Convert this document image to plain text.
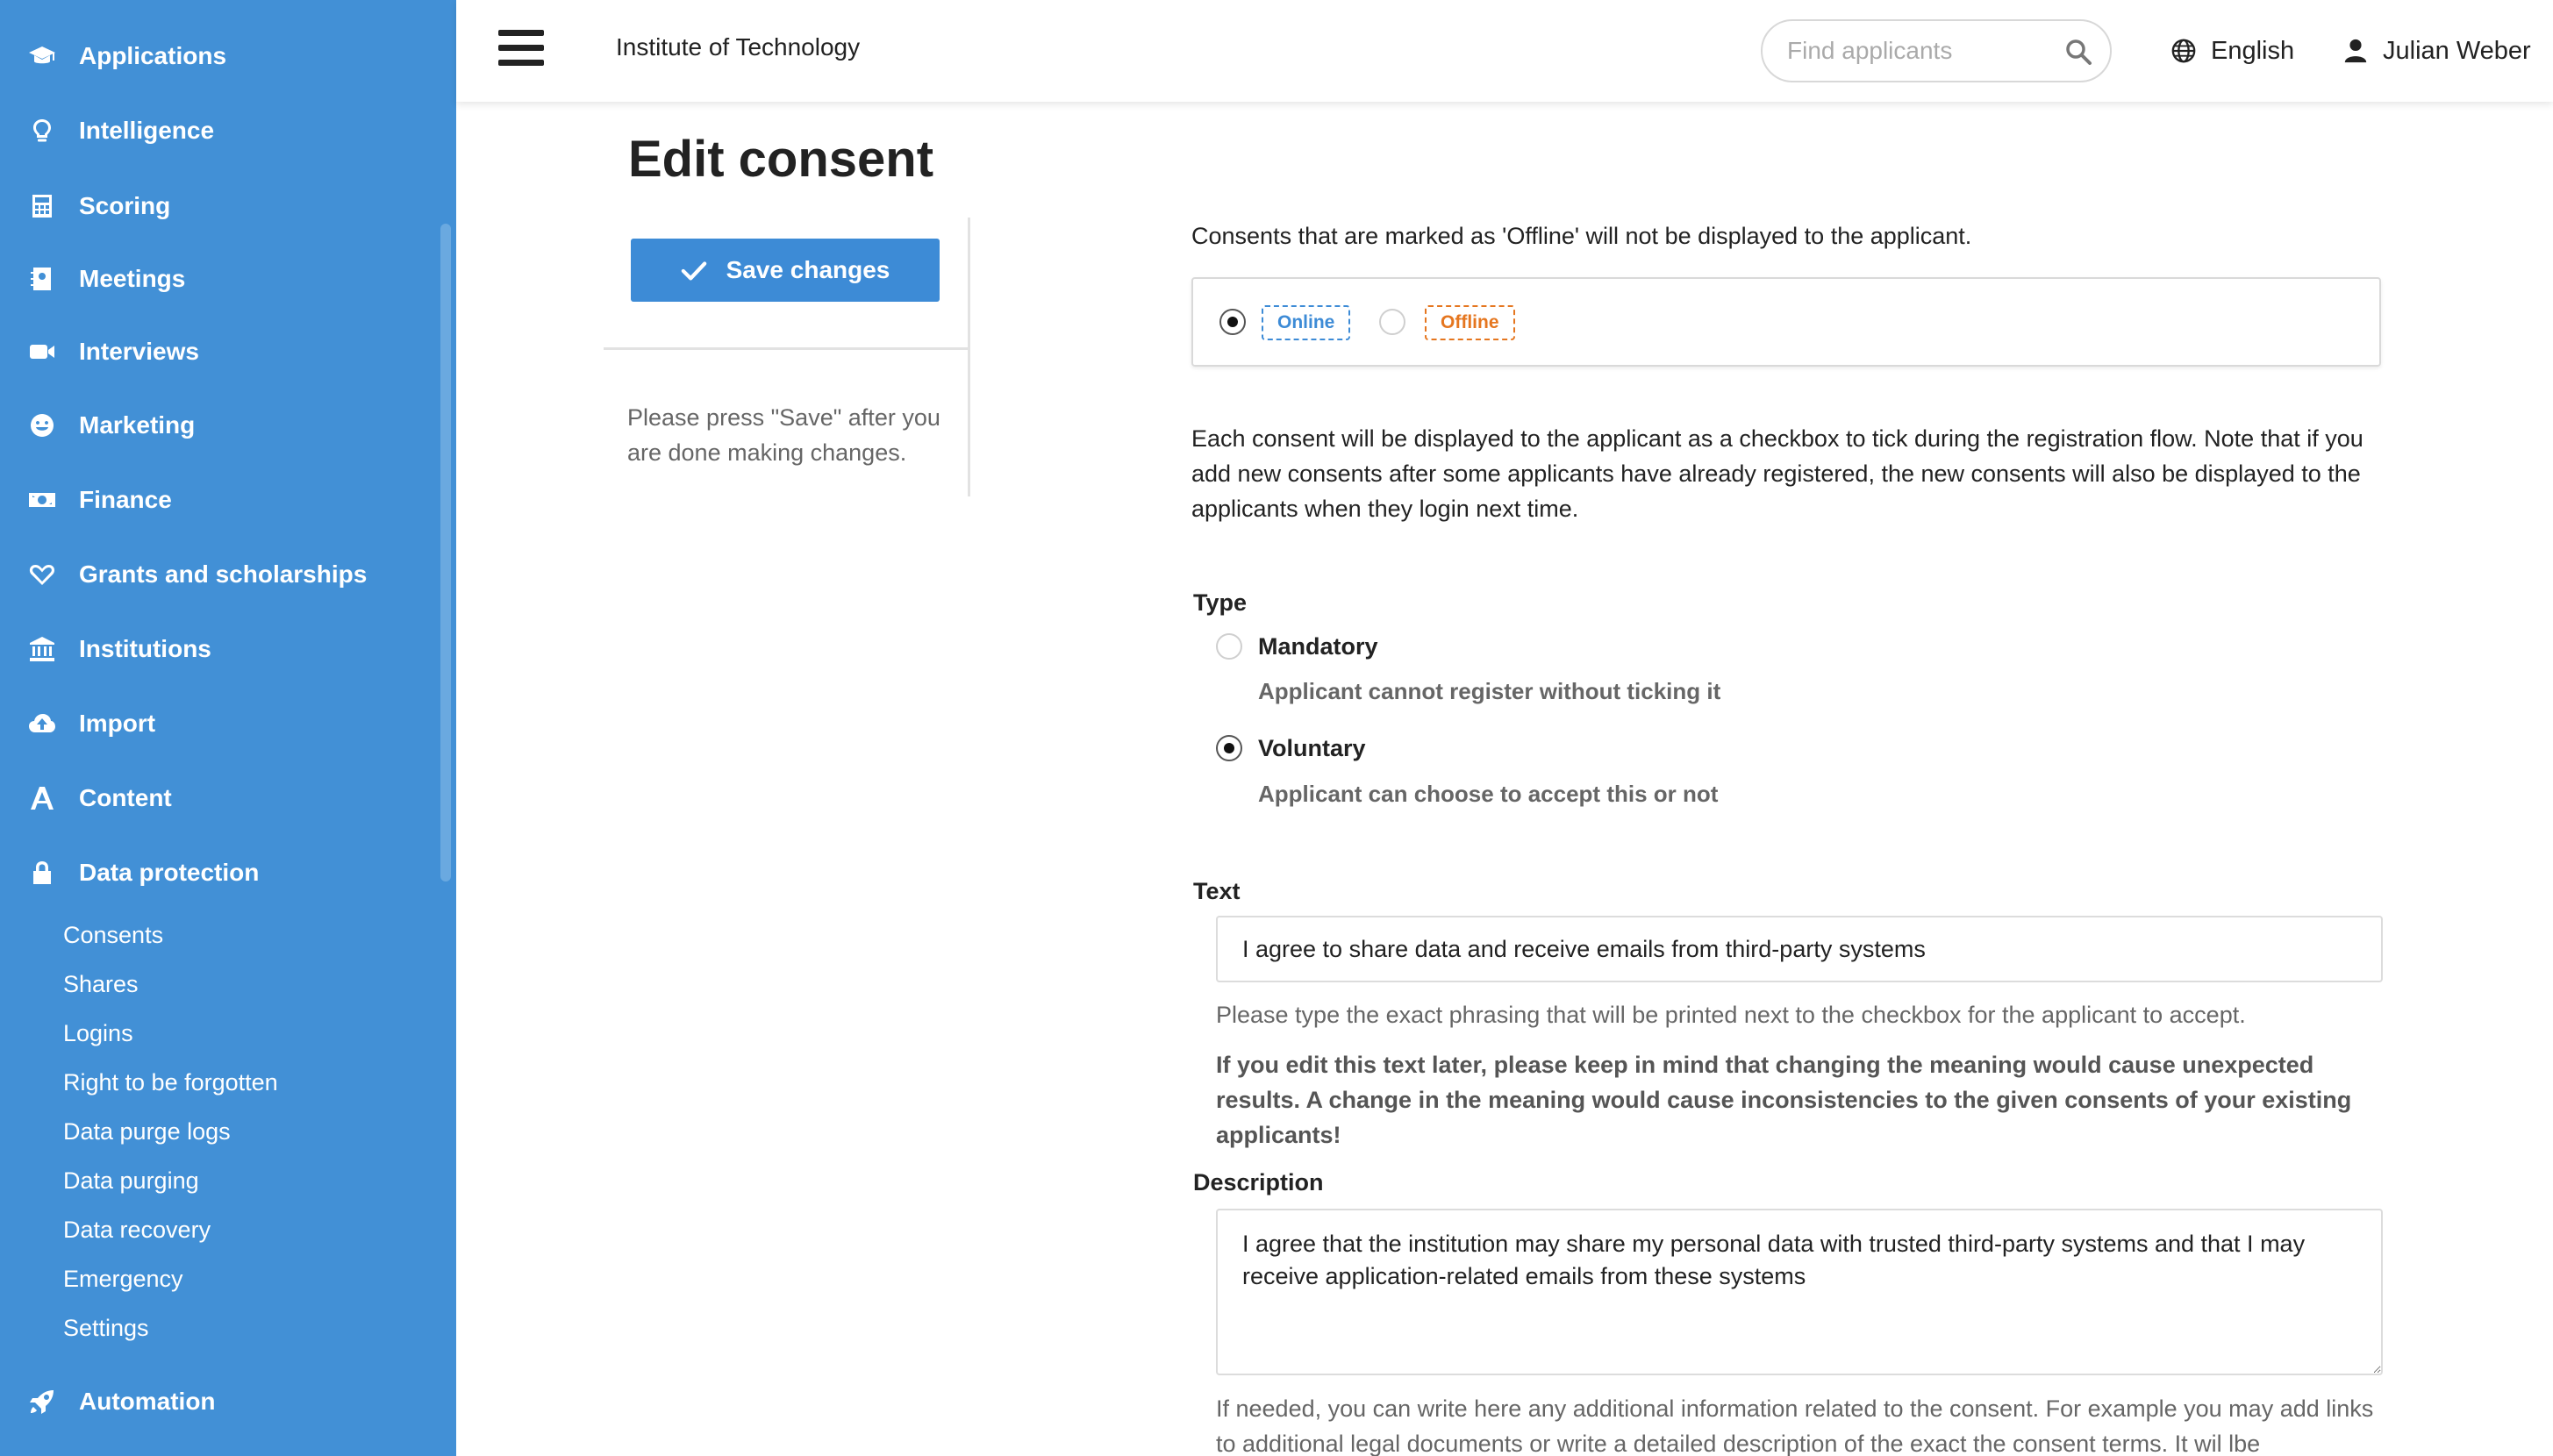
Applications
Intelligence
Scoring
Meetings
Interviews
Marketing
Finance
Grants and scholarships
Institutions
Import
Content
Data protection
Consents
Shares
Logins
Right to be forgotten
Data purge logs
Data purging
Data recovery
Emergency
Settings
Automation
Institute of Technology
Find applicants	English	Julian Weber
Edit consent
Save changes
Please press "Save" after you are done making changes.
Consents that are marked as 'Offline' will not be displayed to the applicant.
Online	Offline
Each consent will be displayed to the applicant as a checkbox to tick during the registration flow. Note that if you add new consents after some applicants have already registered, the new consents will also be displayed to the applicants when they login next time.
Type
Mandatory
Applicant cannot register without ticking it
Voluntary
Applicant can choose to accept this or not
Text
I agree to share data and receive emails from third-party systems
Please type the exact phrasing that will be printed next to the checkbox for the applicant to accept.
If you edit this text later, please keep in mind that changing the meaning would cause unexpected results. A change in the meaning would cause inconsistencies to the given consents of your existing applicants!
Description
I agree that the institution may share my personal data with trusted third-party systems and that I may receive application-related emails from these systems
If needed, you can write here any additional information related to the consent. For example you may add links to additional legal documents or write a detailed description of the exact the consent terms. It wil lbe
